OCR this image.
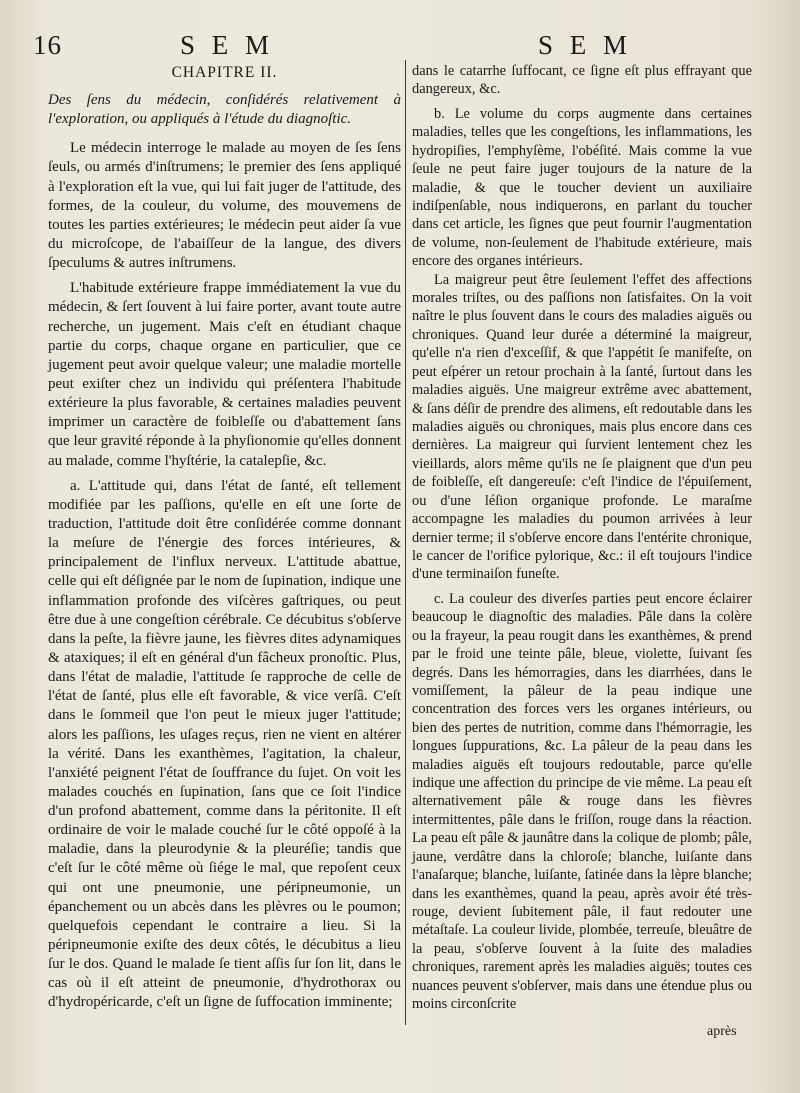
16	S E M	S E M
CHAPITRE II.

Des ſens du médecin, conſidérés relativement à l'exploration, ou appliqués à l'étude du diagnoſtic.

Le médecin interroge le malade au moyen de ſes ſens ſeuls, ou armés d'inſtrumens; le premier des ſens appliqué à l'exploration eſt la vue, qui lui fait juger de l'attitude, des formes, de la couleur, du volume, des mouvemens de toutes les parties extérieures; le médecin peut aider ſa vue du microſcope, de l'abaiſſeur de la langue, des divers ſpeculums & autres inſtrumens.

L'habitude extérieure frappe immédiatement la vue du médecin, & ſert ſouvent à lui faire porter, avant toute autre recherche, un jugement. Mais c'eſt en étudiant chaque partie du corps, chaque organe en particulier, que ce jugement peut avoir quelque valeur; une maladie mortelle peut exiſter chez un individu qui préſentera l'habitude extérieure la plus favorable, & certaines maladies peuvent imprimer un caractère de foibleſſe ou d'abattement ſans que leur gravité réponde à la phyſionomie qu'elles donnent au malade, comme l'hyſtérie, la catalepſie, &c.

a. L'attitude qui, dans l'état de ſanté, eſt tellement modifiée par les paſſions, qu'elle en eſt une ſorte de traduction, l'attitude doit être conſidérée comme donnant la meſure de l'énergie des forces intérieures, & principalement de l'influx nerveux. L'attitude abattue, celle qui eſt déſignée par le nom de ſupination, indique une inflammation profonde des viſcères gaſtriques, ou peut être due à une congeſtion cérébrale. Ce décubitus s'obſerve dans la peſte, la fièvre jaune, les fièvres dites adynamiques & ataxiques; il eſt en général d'un fâcheux pronoſtic. Plus, dans l'état de maladie, l'attitude ſe rapproche de celle de l'état de ſanté, plus elle eſt favorable, & vice verſâ. C'eſt dans le ſommeil que l'on peut le mieux juger l'attitude; alors les paſſions, les uſages reçus, rien ne vient en altérer la vérité. Dans les exanthèmes, l'agitation, la chaleur, l'anxiété peignent l'état de ſouffrance du ſujet. On voit les malades couchés en ſupination, ſans que ce ſoit l'indice d'un profond abattement, comme dans la péritonite. Il eſt ordinaire de voir le malade couché ſur le côté oppoſé à la maladie, dans la pleurodynie & la pleuréſie; tandis que c'eſt ſur le côté même où ſiége le mal, que repoſent ceux qui ont une pneumonie, une péripneumonie, un épanchement ou un abcès dans les plèvres ou le poumon; quelquefois cependant le contraire a lieu. Si la péripneumonie exiſte des deux côtés, le décubitus a lieu ſur le dos. Quand le malade ſe tient aſſis ſur ſon lit, dans le cas où il eſt atteint de pneumonie, d'hydrothorax ou d'hydropéricarde, c'eſt un ſigne de ſuffocation imminente;

dans le catarrhe ſuffocant, ce ſigne eſt plus effrayant que dangereux, &c.

b. Le volume du corps augmente dans certaines maladies, telles que les congeſtions, les inflammations, les hydropiſies, l'emphyſème, l'obéſité. Mais comme la vue ſeule ne peut faire juger toujours de la nature de la maladie, & que le toucher devient un auxiliaire indiſpenſable, nous indiquerons, en parlant du toucher dans cet article, les ſignes que peut fournir l'augmentation de volume, non-ſeulement de l'habitude extérieure, mais encore des organes intérieurs.

La maigreur peut être ſeulement l'effet des affections morales triſtes, ou des paſſions non ſatisfaites. On la voit naître le plus ſouvent dans le cours des maladies aiguës ou chroniques. Quand leur durée a déterminé la maigreur, qu'elle n'a rien d'exceſſif, & que l'appétit ſe manifeſte, on peut eſpérer un retour prochain à la ſanté, ſurtout dans les maladies aiguës. Une maigreur extrême avec abattement, & ſans déſir de prendre des alimens, eſt redoutable dans les maladies aiguës ou chroniques, mais plus encore dans ces dernières. La maigreur qui ſurvient lentement chez les vieillards, alors même qu'ils ne ſe plaignent que d'un peu de foibleſſe, eſt dangereuſe: c'eſt l'indice de l'épuiſement, ou d'une léſion organique profonde. Le maraſme accompagne les maladies du poumon arrivées à leur dernier terme; il s'obſerve encore dans l'entérite chronique, le cancer de l'orifice pylorique, &c.: il eſt toujours l'indice d'une terminaiſon funeſte.

c. La couleur des diverſes parties peut encore éclairer beaucoup le diagnoſtic des maladies. Pâle dans la colère ou la frayeur, la peau rougit dans les exanthèmes, & prend par le froid une teinte pâle, bleue, violette, ſuivant ſes degrés. Dans les hémorragies, dans les diarrhées, dans le vomiſſement, la pâleur de la peau indique une concentration des forces vers les organes intérieurs, ou bien des pertes de nutrition, comme dans l'hémorragie, les longues ſuppurations, &c. La pâleur de la peau dans les maladies aiguës eſt toujours redoutable, parce qu'elle indique une affection du principe de vie même. La peau eſt alternativement pâle & rouge dans les fièvres intermittentes, pâle dans le friſſon, rouge dans la réaction. La peau eſt pâle & jaunâtre dans la colique de plomb; pâle, jaune, verdâtre dans la chloroſe; blanche, luiſante dans l'anaſarque; blanche, luiſante, ſatinée dans la lèpre blanche; dans les exanthèmes, quand la peau, après avoir été très-rouge, devient ſubitement pâle, il faut redouter une métaſtaſe. La couleur livide, plombée, terreuſe, bleuâtre de la peau, s'obſerve ſouvent à la ſuite des maladies chroniques, rarement après les maladies aiguës; toutes ces nuances peuvent s'obſerver, mais dans une étendue plus ou moins circonſcrite

après
